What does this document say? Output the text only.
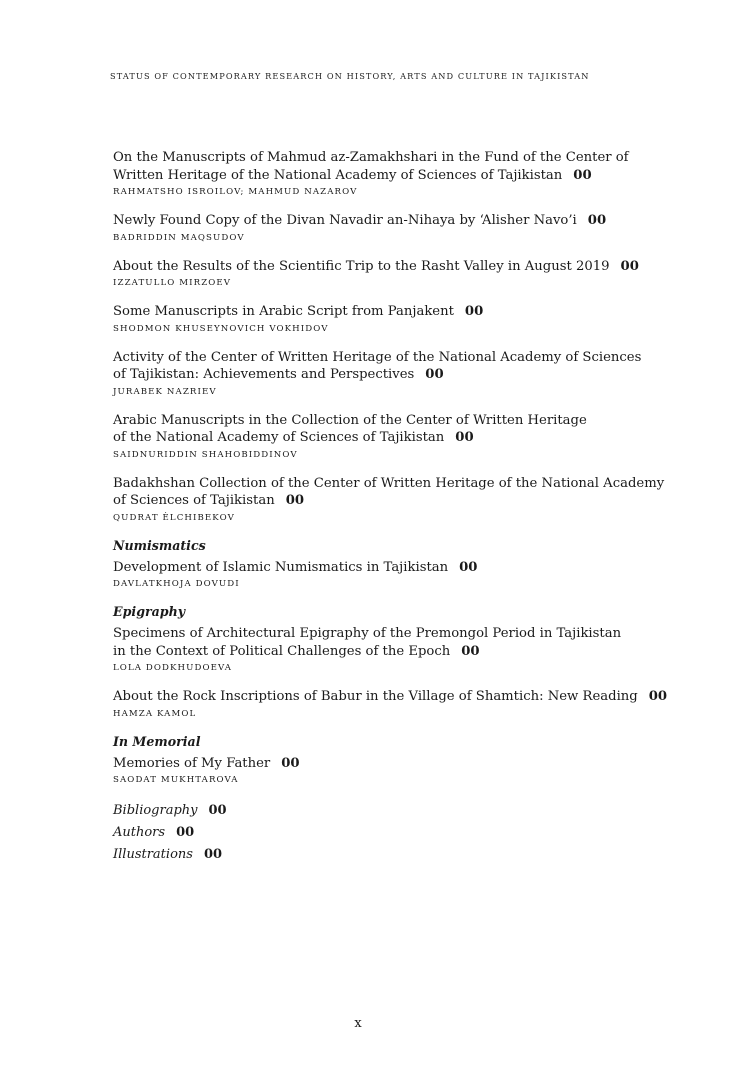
STATUS OF CONTEMPORARY RESEARCH ON HISTORY, ARTS AND CULTURE IN TAJIKISTAN
On the Manuscripts of Mahmud az-Zamakhshari in the Fund of the Center of
Written Heritage of the National Academy of Sciences of Tajikistan 00
RAHMATSHO ISROILOV; MAHMUD NAZAROV
Newly Found Copy of the Divan Navadir an-Nihaya by ‘Alisher Navo’i 00
BADRIDDIN MAQSUDOV
About the Results of the Scientific Trip to the Rasht Valley in August 2019 00
IZZATULLO MIRZOEV
Some Manuscripts in Arabic Script from Panjakent 00
SHODMON KHUSEYNOVICH VOKHIDOV
Activity of the Center of Written Heritage of the National Academy of Sciences
of Tajikistan: Achievements and Perspectives 00
JURABEK NAZRIEV
Arabic Manuscripts in the Collection of the Center of Written Heritage
of the National Academy of Sciences of Tajikistan 00
SAIDNURIDDIN SHAHOBIDDINOV
Badakhshan Collection of the Center of Written Heritage of the National Academy
of Sciences of Tajikistan 00
QUDRAT ĖLCHIBEKOV
Numismatics
Development of Islamic Numismatics in Tajikistan 00
DAVLATKHOJA DOVUDI
Epigraphy
Specimens of Architectural Epigraphy of the Premongol Period in Tajikistan
in the Context of Political Challenges of the Epoch 00
LOLA DODKHUDOEVA
About the Rock Inscriptions of Babur in the Village of Shamtich: New Reading 00
HAMZA KAMOL
In Memorial
Memories of My Father 00
SAODAT MUKHTAROVA
Bibliography 00
Authors 00
Illustrations 00
x
